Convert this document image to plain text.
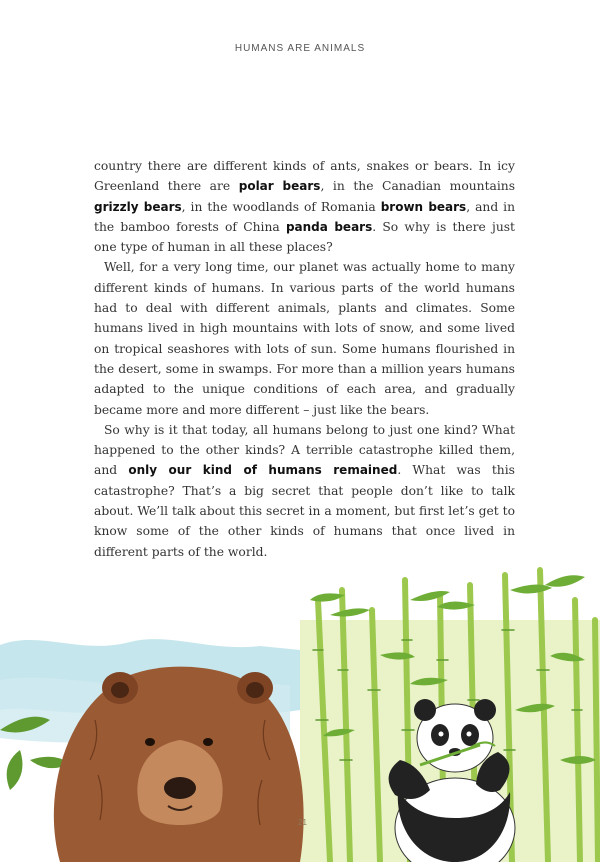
HUMANS ARE ANIMALS

country there are different kinds of ants, snakes or bears. In icy Greenland there are polar bears, in the Canadian mountains grizzly bears, in the woodlands of Romania brown bears, and in the bamboo forests of China panda bears. So why is there just one type of human in all these places?

Well, for a very long time, our planet was actually home to many different kinds of humans. In various parts of the world humans had to deal with different animals, plants and climates. Some humans lived in high mountains with lots of snow, and some lived on tropical seashores with lots of sun. Some humans flourished in the desert, some in swamps. For more than a million years humans adapted to the unique conditions of each area, and gradually became more and more different – just like the bears.

So why is it that today, all humans belong to just one kind? What happened to the other kinds? A terrible catastrophe killed them, and only our kind of humans remained. What was this catastrophe? That’s a big secret that people don’t like to talk about. We’ll talk about this secret in a moment, but first let’s get to know some of the other kinds of humans that once lived in different parts of the world.

21
